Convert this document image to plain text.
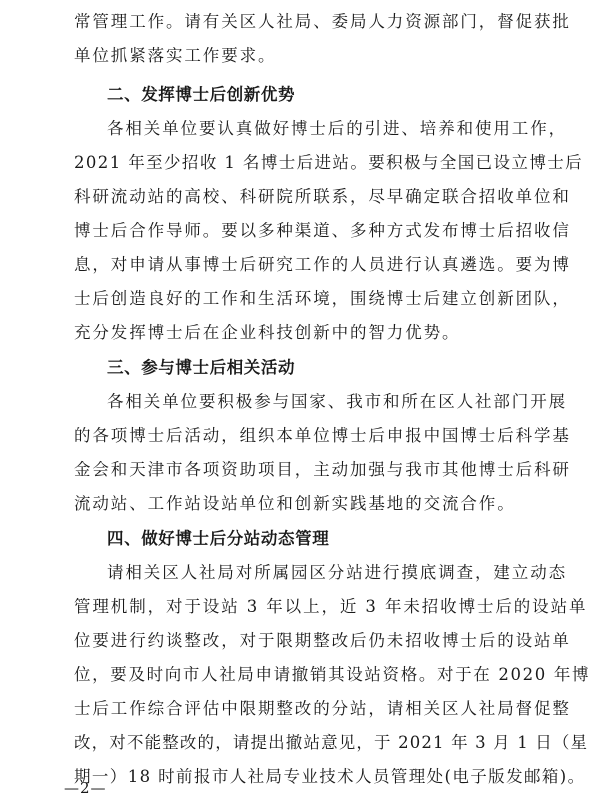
常管理工作。请有关区人社局、委局人力资源部门，督促获批
单位抓紧落实工作要求。
二、发挥博士后创新优势
各相关单位要认真做好博士后的引进、培养和使用工作，
2021 年至少招收 1 名博士后进站。要积极与全国已设立博士后
科研流动站的高校、科研院所联系，尽早确定联合招收单位和
博士后合作导师。要以多种渠道、多种方式发布博士后招收信
息，对申请从事博士后研究工作的人员进行认真遴选。要为博
士后创造良好的工作和生活环境，围绕博士后建立创新团队，
充分发挥博士后在企业科技创新中的智力优势。
三、参与博士后相关活动
各相关单位要积极参与国家、我市和所在区人社部门开展
的各项博士后活动，组织本单位博士后申报中国博士后科学基
金会和天津市各项资助项目，主动加强与我市其他博士后科研
流动站、工作站设站单位和创新实践基地的交流合作。
四、做好博士后分站动态管理
请相关区人社局对所属园区分站进行摸底调查，建立动态
管理机制，对于设站 3 年以上，近 3 年未招收博士后的设站单
位要进行约谈整改，对于限期整改后仍未招收博士后的设站单
位，要及时向市人社局申请撤销其设站资格。对于在 2020 年博
士后工作综合评估中限期整改的分站，请相关区人社局督促整
改，对不能整改的，请提出撤站意见，于 2021 年 3 月 1 日（星
期一）18 时前报市人社局专业技术人员管理处(电子版发邮箱)。
—2—
